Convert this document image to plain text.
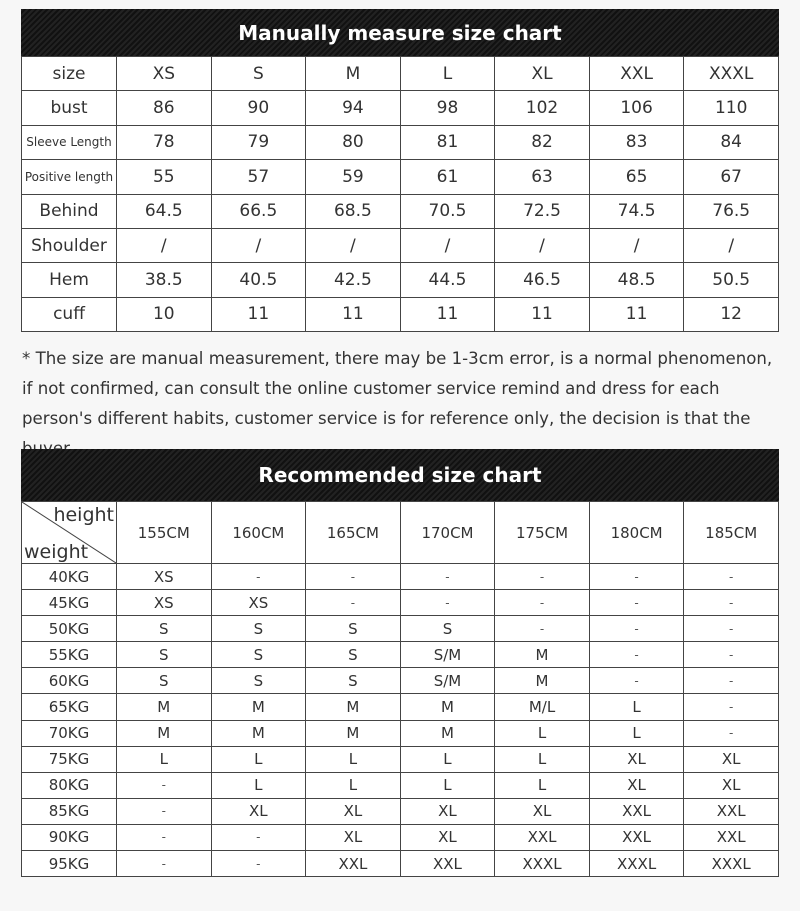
Manually measure size chart
size	XS	S	M	L	XL	XXL	XXXL
bust	86	90	94	98	102	106	110
Sleeve Length	78	79	80	81	82	83	84
Positive length	55	57	59	61	63	65	67
Behind	64.5	66.5	68.5	70.5	72.5	74.5	76.5
Shoulder	/	/	/	/	/	/	/
Hem	38.5	40.5	42.5	44.5	46.5	48.5	50.5
cuff	10	11	11	11	11	11	12
* The size are manual measurement, there may be 1-3cm error, is a normal phenomenon, if not confirmed, can consult the online customer service remind and dress for each person's different habits, customer service is for reference only, the decision is that the
Recommended size chart
height
weight	155CM	160CM	165CM	170CM	175CM	180CM	185CM
40KG	XS	-	-	-	-	-	-
45KG	XS	XS	-	-	-	-	-
50KG	S	S	S	S	-	-	-
55KG	S	S	S	S/M	M	-	-
60KG	S	S	S	S/M	M	-	-
65KG	M	M	M	M	M/L	L	-
70KG	M	M	M	M	L	L	-
75KG	L	L	L	L	L	XL	XL
80KG	-	L	L	L	L	XL	XL
85KG	-	XL	XL	XL	XL	XXL	XXL
90KG	-	-	XL	XL	XXL	XXL	XXL
95KG	-	-	XXL	XXL	XXXL	XXXL	XXXL
